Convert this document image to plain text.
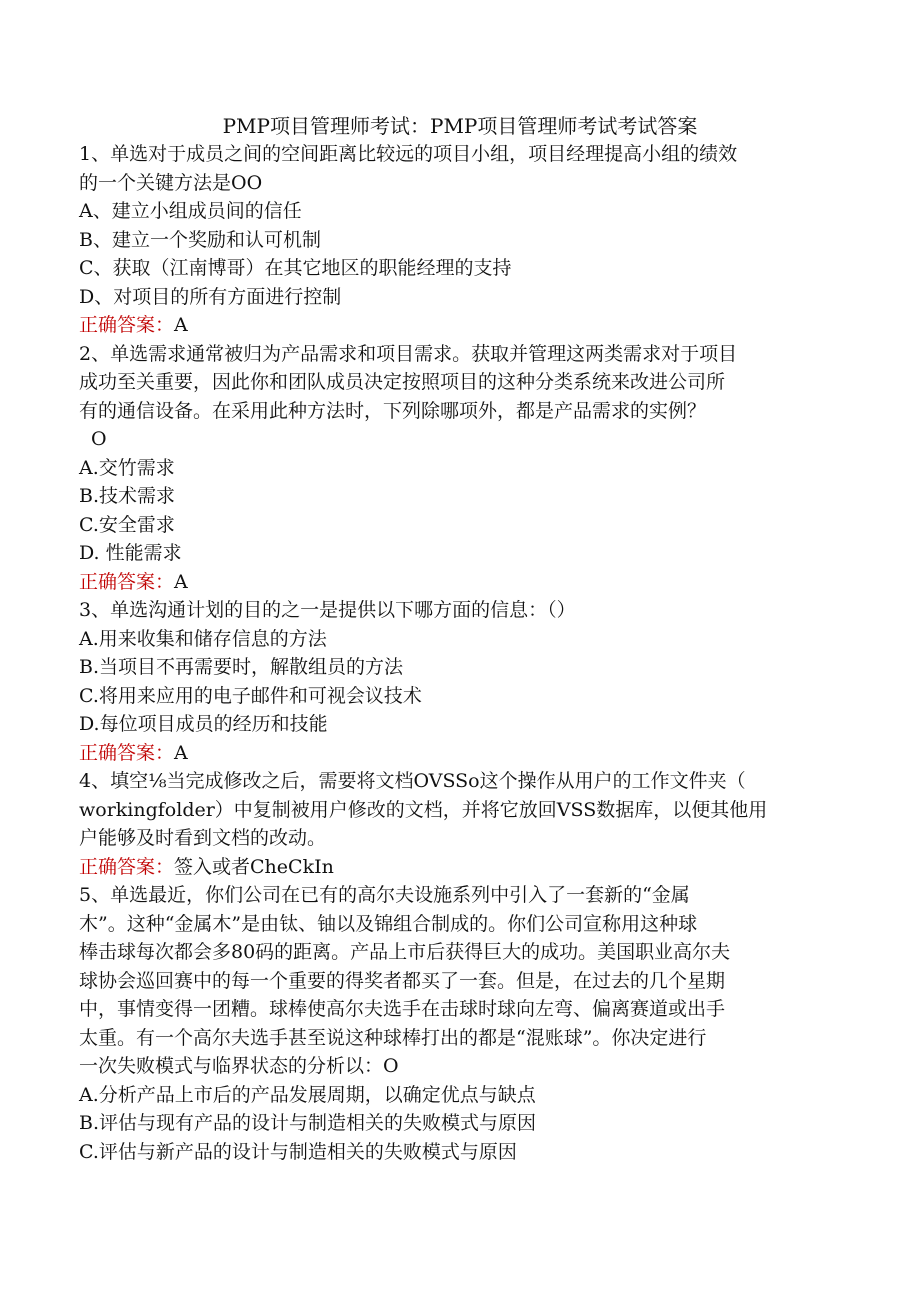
PMP项目管理师考试：PMP项目管理师考试考试答案
1、单选对于成员之间的空间距离比较远的项目小组，项目经理提高小组的绩效
的一个关键方法是OO
A、建立小组成员间的信任
B、建立一个奖励和认可机制
C、获取（江南博哥）在其它地区的职能经理的支持
D、对项目的所有方面进行控制
正确答案：A
2、单选需求通常被归为产品需求和项目需求。获取并管理这两类需求对于项目
成功至关重要，因此你和团队成员决定按照项目的这种分类系统来改进公司所
有的通信设备。在采用此种方法时，下列除哪项外，都是产品需求的实例？
O
A.交竹需求
B.技术需求
C.安全雷求
D. 性能需求
正确答案：A
3、单选沟通计划的目的之一是提供以下哪方面的信息：（）
A.用来收集和储存信息的方法
B.当项目不再需要时，解散组员的方法
C.将用来应用的电子邮件和可视会议技术
D.每位项目成员的经历和技能
正确答案：A
4、填空⅛当完成修改之后，需要将文档OVSSo这个操作从用户的工作文件夹（
workingfolder）中复制被用户修改的文档，并将它放回VSS数据库，以便其他用
户能够及时看到文档的改动。
正确答案：签入或者CheCkIn
5、单选最近，你们公司在已有的高尔夫设施系列中引入了一套新的“金属
木”。这种“金属木”是由钛、铀以及锦组合制成的。你们公司宣称用这种球
棒击球每次都会多80码的距离。产品上市后获得巨大的成功。美国职业高尔夫
球协会巡回赛中的每一个重要的得奖者都买了一套。但是，在过去的几个星期
中，事情变得一团糟。球棒使高尔夫选手在击球时球向左弯、偏离赛道或出手
太重。有一个高尔夫选手甚至说这种球棒打出的都是“混账球”。你决定进行
一次失败模式与临界状态的分析以：O
A.分析产品上市后的产品发展周期，以确定优点与缺点
B.评估与现有产品的设计与制造相关的失败模式与原因
C.评估与新产品的设计与制造相关的失败模式与原因
